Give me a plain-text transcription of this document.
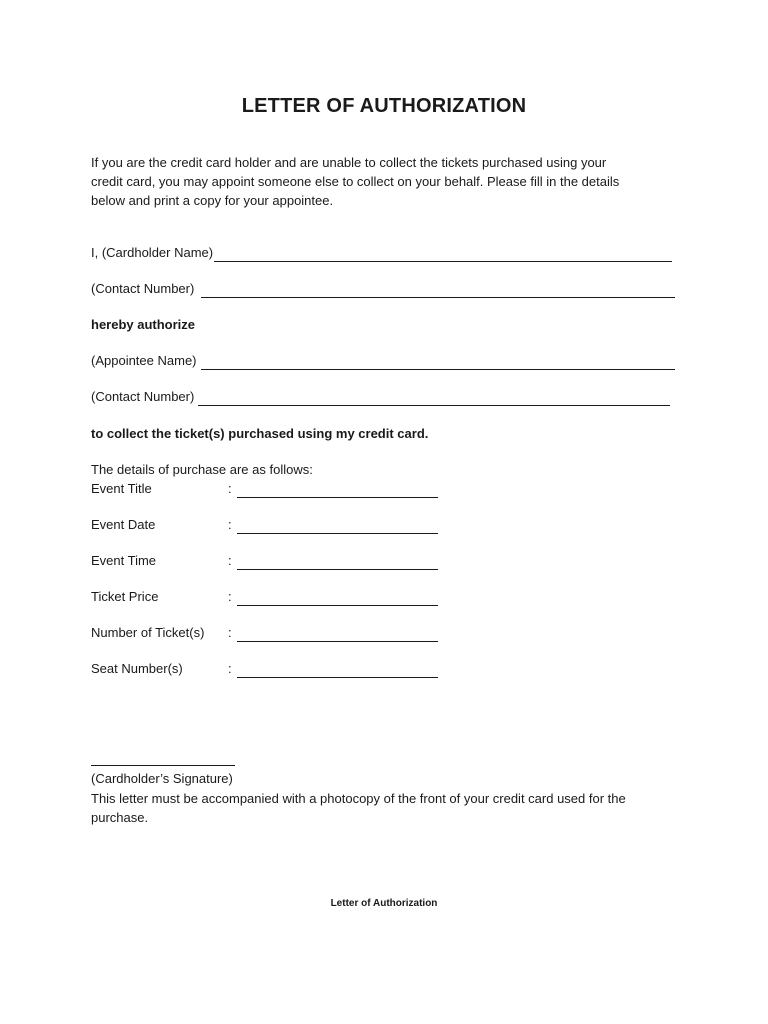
LETTER OF AUTHORIZATION
If you are the credit card holder and are unable to collect the tickets purchased using your
credit card, you may appoint someone else to collect on your behalf. Please fill in the details
below and print a copy for your appointee.
I, (Cardholder Name)
(Contact Number)
hereby authorize
(Appointee Name)
(Contact Number)
to collect the ticket(s) purchased using my credit card.
The details of purchase are as follows:
Event Title	:
Event Date	:
Event Time	:
Ticket Price	:
Number of Ticket(s)	:
Seat Number(s)	:
(Cardholder’s Signature)
This letter must be accompanied with a photocopy of the front of your credit card used for the
purchase.
Letter of Authorization
